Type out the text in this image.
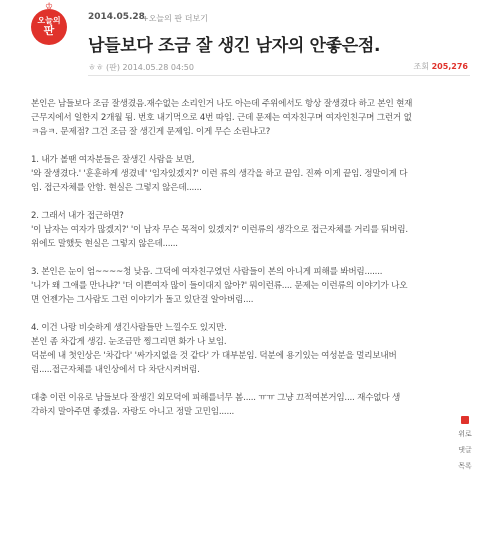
♔
오늘의
판
2014.05.28
+오늘의 판 더보기
남들보다 조금 잘 생긴 남자의 안좋은점.
ㅎㅎ (판) 2014.05.28 04:50	조회 205,276
본인은 남들보다 조금 잘생겼음.재수없는 소리인거 나도 아는데 주위에서도 항상 잘생겼다 하고 본인 현재
근무지에서 일한지 2개월 됨. 번호 내기먹으로 4번 따임. 근데 문제는 여자친구며 여자인친구며 그런거 없
ㅋ음ㅋ. 문제점? 그건 조금 잘 생긴게 문제임. 이게 무슨 소린냐고?
1. 내가 볼땐 여자분들은 잘생긴 사람을 보면,
'와 잘생겼다.' '훈훈하게 생겼네' '임자있겠지?' 이런 류의 생각을 하고 끝임. 진짜 이게 끝임. 정말이게 다
임. 접근자체를 안함. 현실은 그렇지 않은데......
2. 그래서 내가 접근하면?
'이 남자는 여자가 많겠지?' '이 남자 무슨 목적이 있겠지?' 이런류의 생각으로 접근자체를 거리를 둬버림.
위에도 말했듯 현실은 그렇지 않은데......
3. 본인은 눈이 엄~~~~청 낮음. 그덕에 여자친구였던 사람들이 본의 아니게 피해를 봐버림.......
'니가 왜 그애를 만나냐?' '더 이쁜여자 많이 들이대지 않아?' 뭐이런류.... 문제는 이런류의 이야기가 나오
면 언젠가는 그사람도 그런 이야기가 돌고 있단걸 알아버림....
4. 이건 나랑 비슷하게 생긴사람들만 느낄수도 있지만.
본인 좀 차갑게 생김. 눈조금만 찡그리면 화가 나 보임.
덕분에 내 첫인상은 '차갑다' '싸가지없을 것 같다' 가 대부분임. 덕분에 용기있는 여성분을 멀리보내버
림.....접근자체를 내인상에서 다 차단시켜버림.
대충 이런 이유로 남들보다 잘생긴 외모덕에 피해를너무 봄..... ㅠㅠ 그냥 끄적여본거임.... 재수없다 생
각하지 말아주면 좋겠음. 자랑도 아니고 정말 고민임......
위로
댓글
목록
